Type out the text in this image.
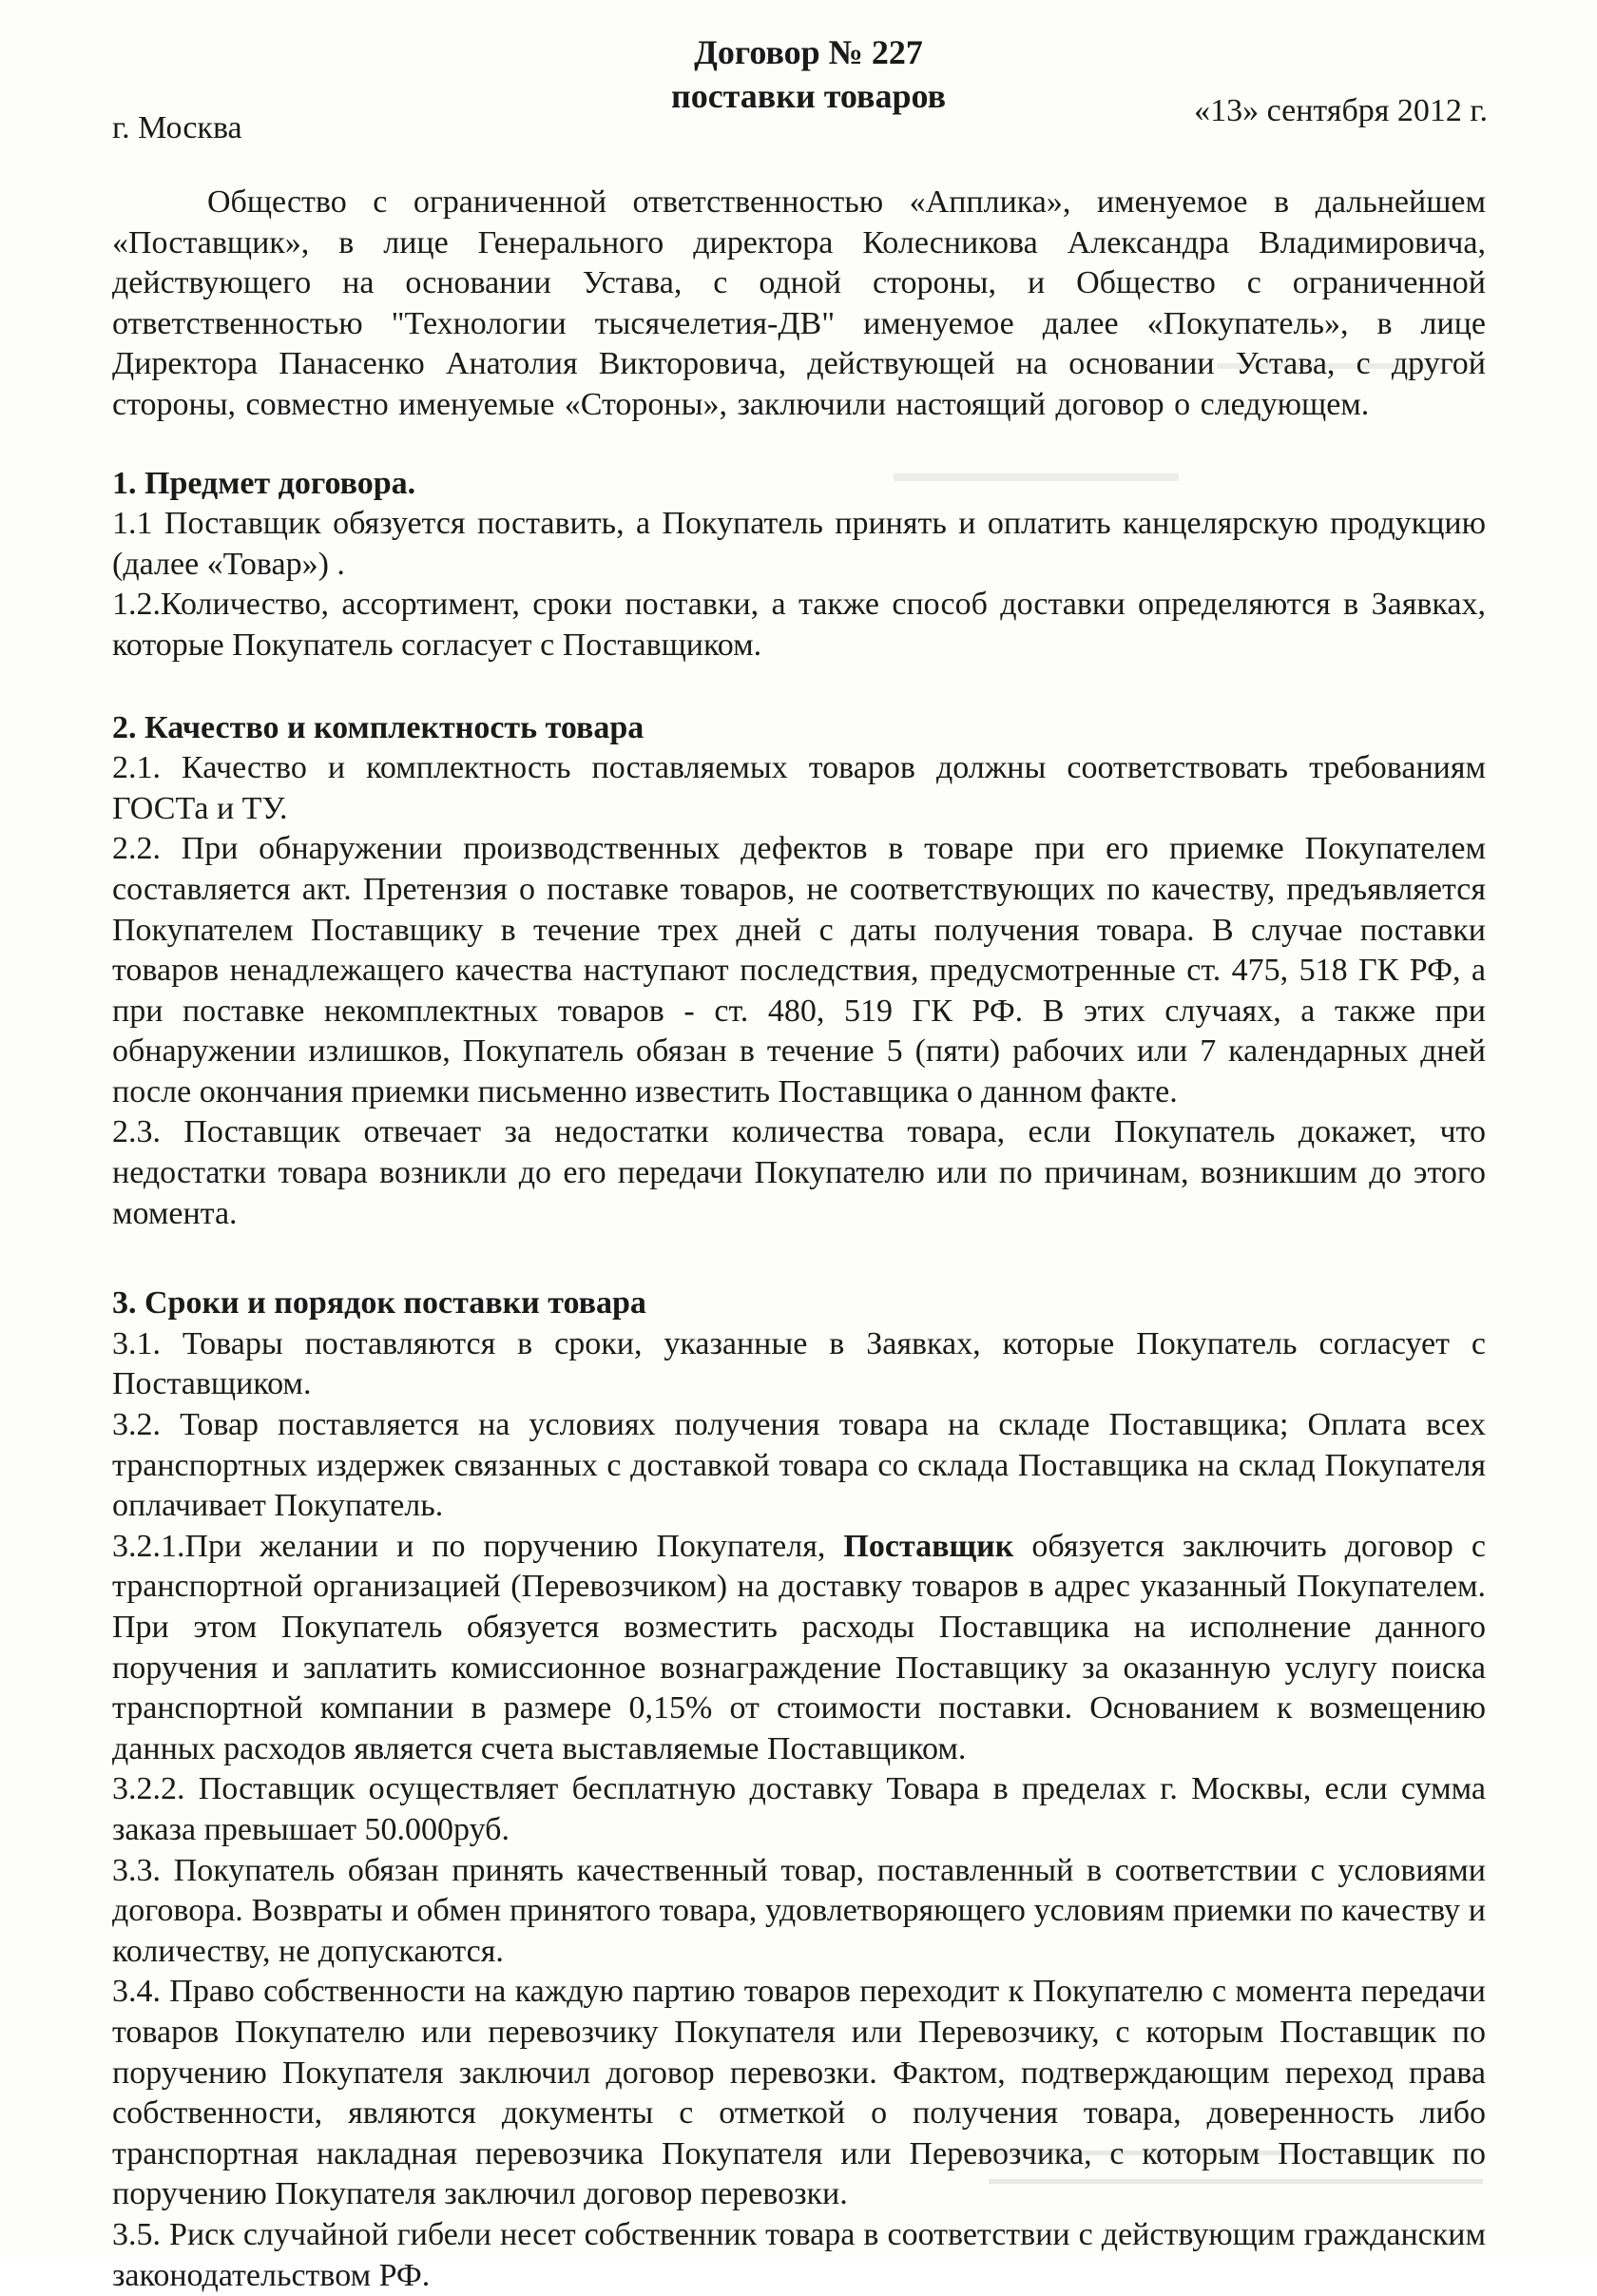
Договор № 227

поставки товаров

г. Москва	«13» сентября 2012 г.

Общество с ограниченной ответственностью «Апплика», именуемое в дальнейшем «Поставщик», в лице Генерального директора Колесникова Александра Владимировича, действующего на основании Устава, с одной стороны, и Общество с ограниченной ответственностью "Технологии тысячелетия-ДВ" именуемое далее «Покупатель», в лице Директора Панасенко Анатолия Викторовича, действующей на основании Устава, с другой стороны, совместно именуемые «Стороны», заключили настоящий договор о следующем.

1. Предмет договора.

1.1 Поставщик обязуется поставить, а Покупатель принять и оплатить канцелярскую продукцию (далее «Товар») .

1.2.Количество, ассортимент, сроки поставки, а также способ доставки определяются в Заявках, которые Покупатель согласует с Поставщиком.

2. Качество и комплектность товара

2.1. Качество и комплектность поставляемых товаров должны соответствовать требованиям ГОСТа и ТУ.

2.2. При обнаружении производственных дефектов в товаре при его приемке Покупателем составляется акт. Претензия о поставке товаров, не соответствующих по качеству, предъявляется Покупателем Поставщику в течение трех дней с даты получения товара. В случае поставки товаров ненадлежащего качества наступают последствия, предусмотренные ст. 475, 518 ГК РФ, а при поставке некомплектных товаров - ст. 480, 519 ГК РФ. В этих случаях, а также при обнаружении излишков, Покупатель обязан в течение 5 (пяти) рабочих или 7 календарных дней после окончания приемки письменно известить Поставщика о данном факте.

2.3. Поставщик отвечает за недостатки количества товара, если Покупатель докажет, что недостатки товара возникли до его передачи Покупателю или по причинам, возникшим до этого момента.

3. Сроки и порядок поставки товара

3.1. Товары поставляются в сроки, указанные в Заявках, которые Покупатель согласует с Поставщиком.

3.2. Товар поставляется на условиях получения товара на складе Поставщика; Оплата всех транспортных издержек связанных с доставкой товара со склада Поставщика на склад Покупателя оплачивает Покупатель.

3.2.1.При желании и по поручению Покупателя, Поставщик обязуется заключить договор с транспортной организацией (Перевозчиком) на доставку товаров в адрес указанный Покупателем. При этом Покупатель обязуется возместить расходы Поставщика на исполнение данного поручения и заплатить комиссионное вознаграждение Поставщику за оказанную услугу поиска транспортной компании в размере 0,15% от стоимости поставки. Основанием к возмещению данных расходов является счета выставляемые Поставщиком.

3.2.2. Поставщик осуществляет бесплатную доставку Товара в пределах г. Москвы, если сумма заказа превышает 50.000руб.

3.3. Покупатель обязан принять качественный товар, поставленный в соответствии с условиями договора. Возвраты и обмен принятого товара, удовлетворяющего условиям приемки по качеству и количеству, не допускаются.

3.4. Право собственности на каждую партию товаров переходит к Покупателю с момента передачи товаров Покупателю или перевозчику Покупателя или Перевозчику, с которым Поставщик по поручению Покупателя заключил договор перевозки. Фактом, подтверждающим переход права собственности, являются документы с отметкой о получения товара, доверенность либо транспортная накладная перевозчика Покупателя или Перевозчика, с которым Поставщик по поручению Покупателя заключил договор перевозки.

3.5. Риск случайной гибели несет собственник товара в соответствии с действующим гражданским законодательством РФ.
